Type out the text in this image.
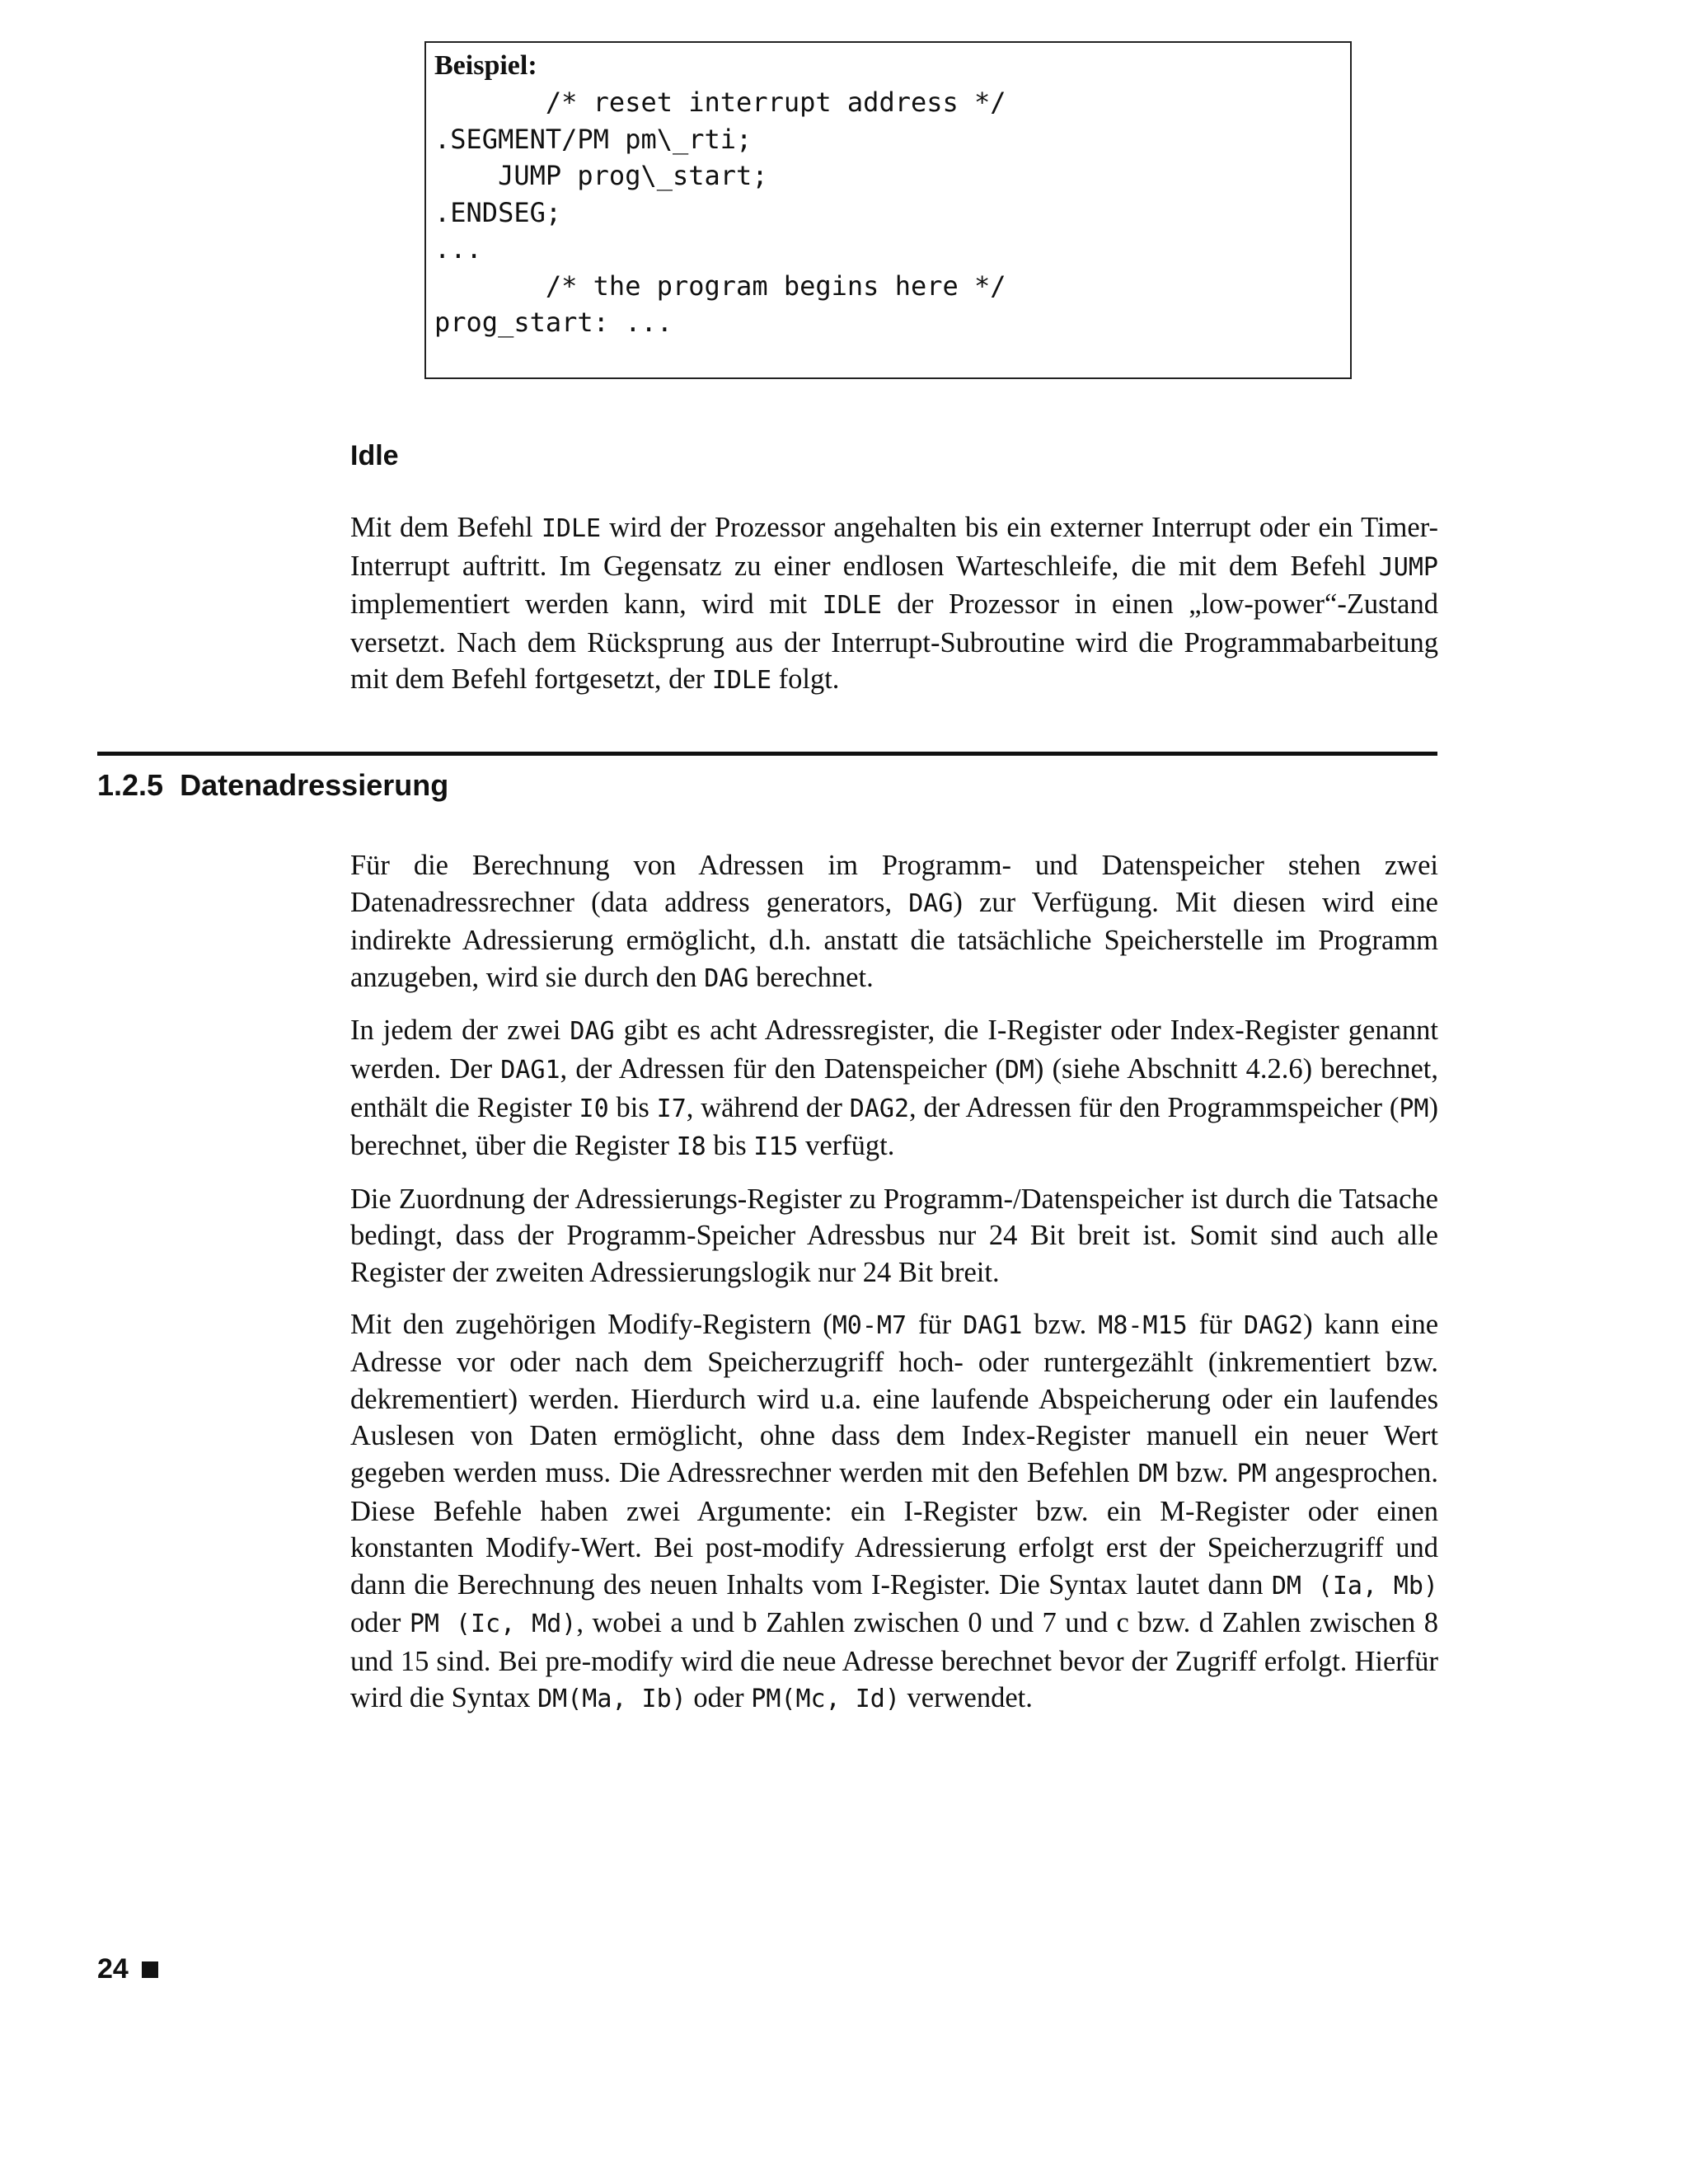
Beispiel:

/* reset interrupt address */
.SEGMENT/PM pm\_rti;
JUMP prog\_start;
.ENDSEG;
...
/* the program begins here */
prog_start: ...
Idle

Mit dem Befehl IDLE wird der Prozessor angehalten bis ein externer Interrupt oder ein Timer-Interrupt auftritt. Im Gegensatz zu einer endlosen Warteschleife, die mit dem Befehl JUMP implementiert werden kann, wird mit IDLE der Prozessor in einen „low-power“-Zustand versetzt. Nach dem Rücksprung aus der Interrupt-Subroutine wird die Programmabarbeitung mit dem Befehl fortgesetzt, der IDLE folgt.

1.2.5 Datenadressierung

Für die Berechnung von Adressen im Programm- und Datenspeicher stehen zwei Datenadressrechner (data address generators, DAG) zur Verfügung. Mit diesen wird eine indirekte Adressierung ermöglicht, d.h. anstatt die tatsächliche Speicherstelle im Programm anzugeben, wird sie durch den DAG berechnet.

In jedem der zwei DAG gibt es acht Adressregister, die I-Register oder Index-Register genannt werden. Der DAG1, der Adressen für den Datenspeicher (DM) (siehe Abschnitt 4.2.6) berechnet, enthält die Register I0 bis I7, während der DAG2, der Adressen für den Programmspeicher (PM) berechnet, über die Register I8 bis I15 verfügt.

Die Zuordnung der Adressierungs-Register zu Programm-/Datenspeicher ist durch die Tatsache bedingt, dass der Programm-Speicher Adressbus nur 24 Bit breit ist. Somit sind auch alle Register der zweiten Adressierungslogik nur 24 Bit breit.

Mit den zugehörigen Modify-Registern (M0-M7 für DAG1 bzw. M8-M15 für DAG2) kann eine Adresse vor oder nach dem Speicherzugriff hoch- oder runtergezählt (inkrementiert bzw. dekrementiert) werden. Hierdurch wird u.a. eine laufende Abspeicherung oder ein laufendes Auslesen von Daten ermöglicht, ohne dass dem Index-Register manuell ein neuer Wert gegeben werden muss. Die Adressrechner werden mit den Befehlen DM bzw. PM angesprochen. Diese Befehle haben zwei Argumente: ein I-Register bzw. ein M-Register oder einen konstanten Modify-Wert. Bei post-modify Adressierung erfolgt erst der Speicherzugriff und dann die Berechnung des neuen Inhalts vom I-Register. Die Syntax lautet dann DM (Ia, Mb) oder PM (Ic, Md), wobei a und b Zahlen zwischen 0 und 7 und c bzw. d Zahlen zwischen 8 und 15 sind. Bei pre-modify wird die neue Adresse berechnet bevor der Zugriff erfolgt. Hierfür wird die Syntax DM(Ma, Ib) oder PM(Mc, Id) verwendet.

24
